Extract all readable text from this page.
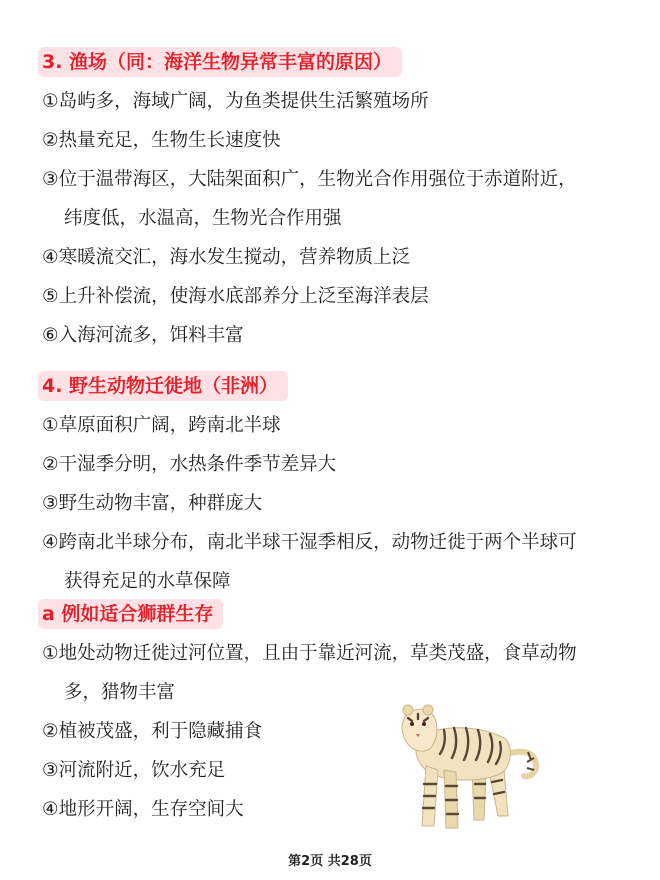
3. 渔场（同：海洋生物异常丰富的原因）
①岛屿多，海域广阔，为鱼类提供生活繁殖场所
②热量充足，生物生长速度快
③位于温带海区，大陆架面积广，生物光合作用强位于赤道附近，
纬度低，水温高，生物光合作用强
④寒暖流交汇，海水发生搅动，营养物质上泛
⑤上升补偿流，使海水底部养分上泛至海洋表层
⑥入海河流多，饵料丰富
4. 野生动物迁徙地（非洲）
①草原面积广阔，跨南北半球
②干湿季分明，水热条件季节差异大
③野生动物丰富，种群庞大
④跨南北半球分布，南北半球干湿季相反，动物迁徙于两个半球可
获得充足的水草保障
a 例如适合狮群生存
①地处动物迁徙过河位置，且由于靠近河流，草类茂盛，食草动物
多，猎物丰富
②植被茂盛，利于隐藏捕食
③河流附近，饮水充足
④地形开阔，生存空间大
第2页 共28页
